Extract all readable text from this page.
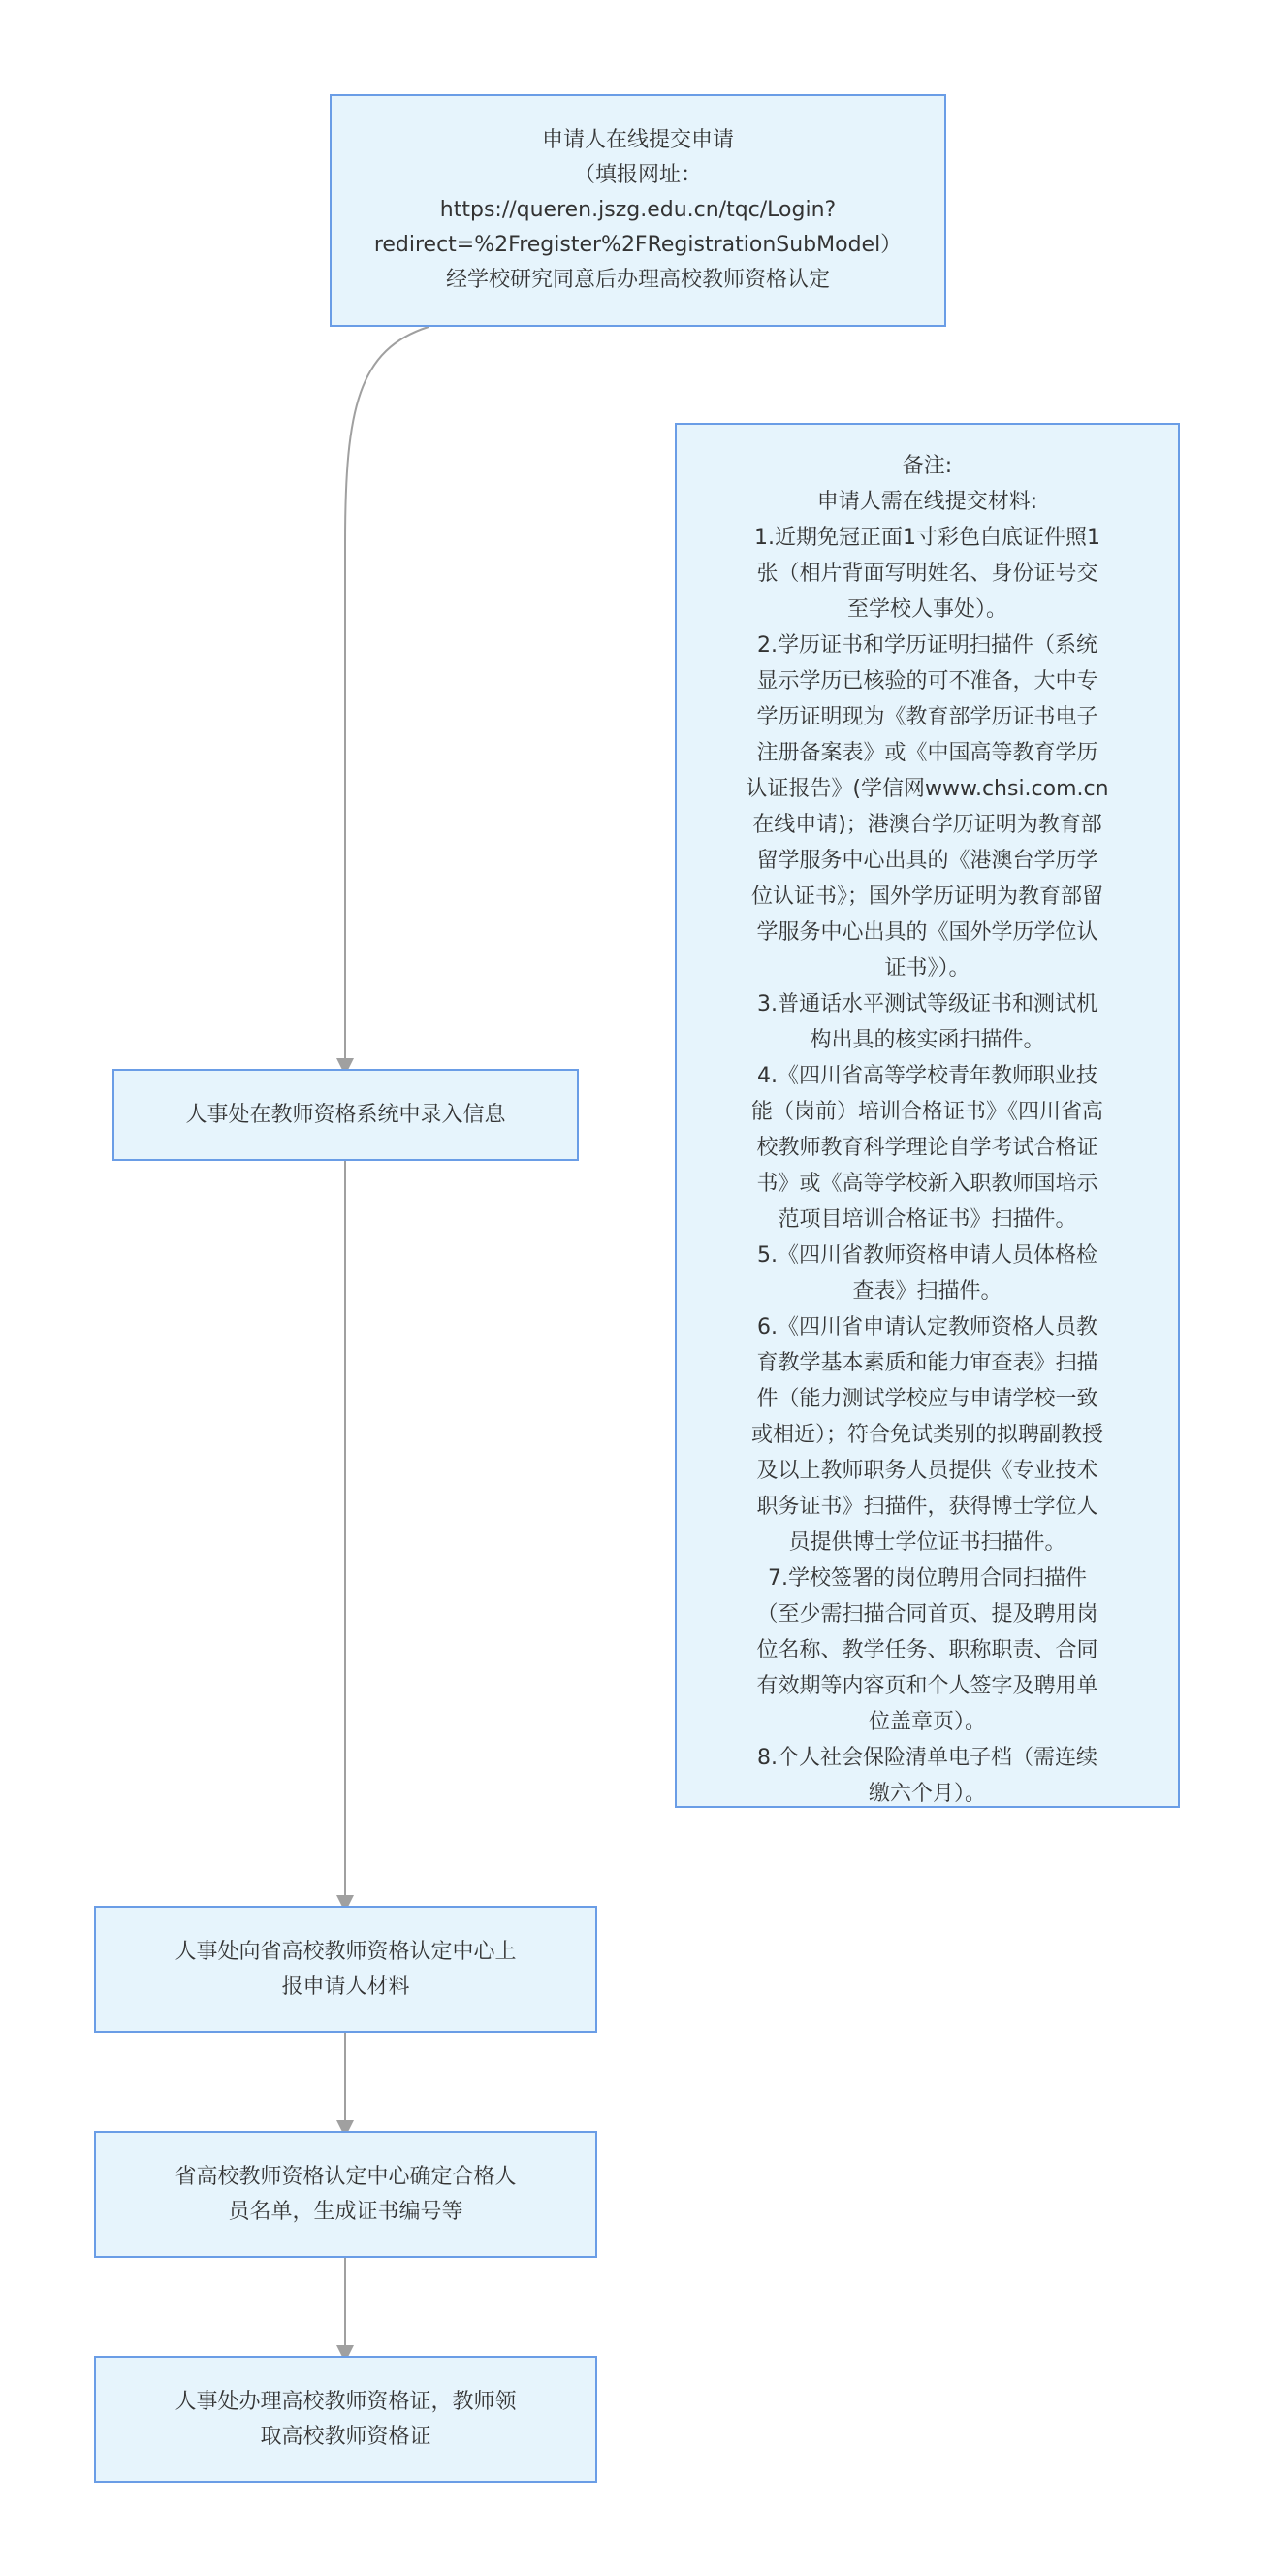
申请人在线提交申请
（填报网址：
https://queren.jszg.edu.cn/tqc/Login?
redirect=%2Fregister%2FRegistrationSubModel）
经学校研究同意后办理高校教师资格认定
备注:
申请人需在线提交材料:
1.近期免冠正面1寸彩色白底证件照1
张（相片背面写明姓名、身份证号交
至学校人事处）。
2.学历证书和学历证明扫描件（系统
显示学历已核验的可不准备，大中专
学历证明现为《教育部学历证书电子
注册备案表》或《中国高等教育学历
认证报告》(学信网www.chsi.com.cn
在线申请)；港澳台学历证明为教育部
留学服务中心出具的《港澳台学历学
位认证书》；国外学历证明为教育部留
学服务中心出具的《国外学历学位认
证书》）。
3.普通话水平测试等级证书和测试机
构出具的核实函扫描件。
4.《四川省高等学校青年教师职业技
能（岗前）培训合格证书》《四川省高
校教师教育科学理论自学考试合格证
书》或《高等学校新入职教师国培示
范项目培训合格证书》扫描件。
5.《四川省教师资格申请人员体格检
查表》扫描件。
6.《四川省申请认定教师资格人员教
育教学基本素质和能力审查表》扫描
件（能力测试学校应与申请学校一致
或相近）；符合免试类别的拟聘副教授
及以上教师职务人员提供《专业技术
职务证书》扫描件，获得博士学位人
员提供博士学位证书扫描件。
7.学校签署的岗位聘用合同扫描件
（至少需扫描合同首页、提及聘用岗
位名称、教学任务、职称职责、合同
有效期等内容页和个人签字及聘用单
位盖章页）。
8.个人社会保险清单电子档（需连续
缴六个月）。
人事处在教师资格系统中录入信息
人事处向省高校教师资格认定中心上
报申请人材料
省高校教师资格认定中心确定合格人
员名单，生成证书编号等
人事处办理高校教师资格证，教师领
取高校教师资格证
